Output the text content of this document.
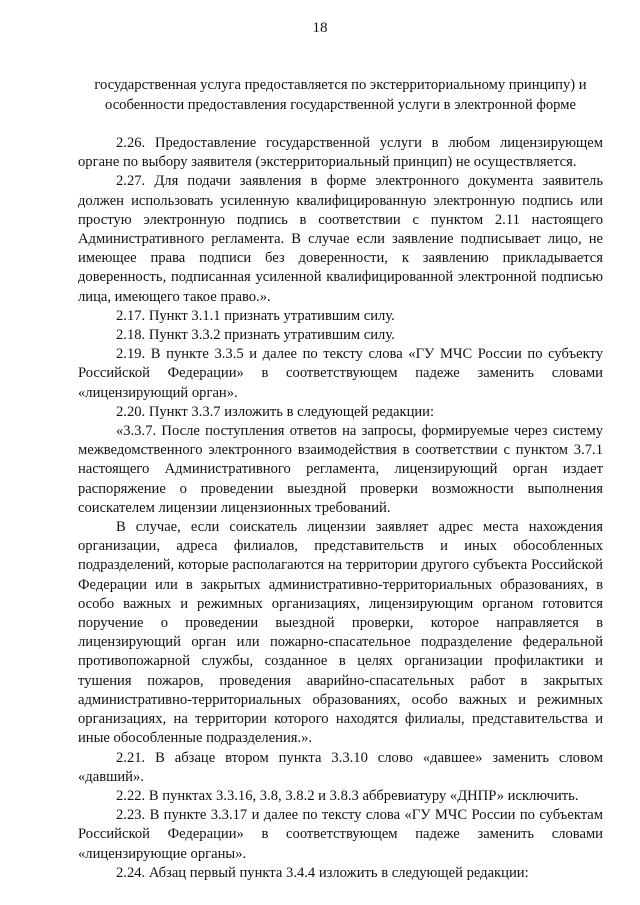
18
государственная услуга предоставляется по экстерриториальному принципу) и особенности предоставления государственной услуги в электронной форме

2.26. Предоставление государственной услуги в любом лицензирующем органе по выбору заявителя (экстерриториальный принцип) не осуществляется.

2.27. Для подачи заявления в форме электронного документа заявитель должен использовать усиленную квалифицированную электронную подпись или простую электронную подпись в соответствии с пунктом 2.11 настоящего Административного регламента. В случае если заявление подписывает лицо, не имеющее права подписи без доверенности, к заявлению прикладывается доверенность, подписанная усиленной квалифицированной электронной подписью лица, имеющего такое право.».

2.17. Пункт 3.1.1 признать утратившим силу.

2.18. Пункт 3.3.2 признать утратившим силу.

2.19. В пункте 3.3.5 и далее по тексту слова «ГУ МЧС России по субъекту Российской Федерации» в соответствующем падеже заменить словами «лицензирующий орган».

2.20. Пункт 3.3.7 изложить в следующей редакции:

«3.3.7. После поступления ответов на запросы, формируемые через систему межведомственного электронного взаимодействия в соответствии с пунктом 3.7.1 настоящего Административного регламента, лицензирующий орган издает распоряжение о проведении выездной проверки возможности выполнения соискателем лицензии лицензионных требований.

В случае, если соискатель лицензии заявляет адрес места нахождения организации, адреса филиалов, представительств и иных обособленных подразделений, которые располагаются на территории другого субъекта Российской Федерации или в закрытых административно-территориальных образованиях, в особо важных и режимных организациях, лицензирующим органом готовится поручение о проведении выездной проверки, которое направляется в лицензирующий орган или пожарно-спасательное подразделение федеральной противопожарной службы, созданное в целях организации профилактики и тушения пожаров, проведения аварийно-спасательных работ в закрытых административно-территориальных образованиях, особо важных и режимных организациях, на территории которого находятся филиалы, представительства и иные обособленные подразделения.».

2.21. В абзаце втором пункта 3.3.10 слово «давшее» заменить словом «давший».

2.22. В пунктах 3.3.16, 3.8, 3.8.2 и 3.8.3 аббревиатуру «ДНПР» исключить.

2.23. В пункте 3.3.17 и далее по тексту слова «ГУ МЧС России по субъектам Российской Федерации» в соответствующем падеже заменить словами «лицензирующие органы».

2.24. Абзац первый пункта 3.4.4 изложить в следующей редакции:
